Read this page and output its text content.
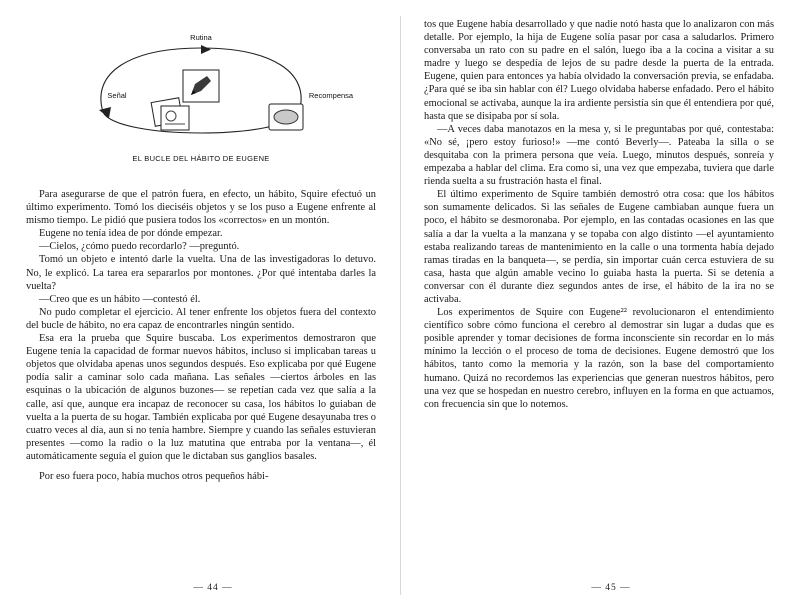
Rutina
Señal	Recompensa
EL BUCLE DEL HÁBITO DE EUGENE

Para asegurarse de que el patrón fuera, en efecto, un hábito, Squire efectuó un último experimento. Tomó los dieciséis objetos y se los puso a Eugene enfrente al mismo tiempo. Le pidió que pusiera todos los «correctos» en un montón.

Eugene no tenía idea de por dónde empezar.

—Cielos, ¿cómo puedo recordarlo? —preguntó.

Tomó un objeto e intentó darle la vuelta. Una de las investigadoras lo detuvo. No, le explicó. La tarea era separarlos por montones. ¿Por qué intentaba darles la vuelta?

—Creo que es un hábito —contestó él.

No pudo completar el ejercicio. Al tener enfrente los objetos fuera del contexto del bucle de hábito, no era capaz de encontrarles ningún sentido.

Esa era la prueba que Squire buscaba. Los experimentos demostraron que Eugene tenía la capacidad de formar nuevos hábitos, incluso si implicaban tareas u objetos que olvidaba apenas unos segundos después. Eso explicaba por qué Eugene podía salir a caminar solo cada mañana. Las señales —ciertos árboles en las esquinas o la ubicación de algunos buzones— se repetían cada vez que salía a la calle, así que, aunque era incapaz de reconocer su casa, los hábitos lo guiaban de vuelta a la puerta de su hogar. También explicaba por qué Eugene desayunaba tres o cuatro veces al día, aun si no tenía hambre. Siempre y cuando las señales estuvieran presentes —como la radio o la luz matutina que entraba por la ventana—, él automáticamente seguía el guion que le dictaban sus ganglios basales.

Por eso fuera poco, había muchos otros pequeños hábi-

— 44 —

tos que Eugene había desarrollado y que nadie notó hasta que lo analizaron con más detalle. Por ejemplo, la hija de Eugene solía pasar por casa a saludarlos. Primero conversaba un rato con su padre en el salón, luego iba a la cocina a visitar a su madre y luego se despedía de lejos de su padre desde la puerta de la entrada. Eugene, quien para entonces ya había olvidado la conversación previa, se enfadaba. ¿Para qué se iba sin hablar con él? Luego olvidaba haberse enfadado. Pero el hábito emocional se activaba, aunque la ira ardiente persistía sin que él entendiera por qué, hasta que se disipaba por sí sola.

—A veces daba manotazos en la mesa y, si le preguntabas por qué, contestaba: «No sé, ¡pero estoy furioso!» —me contó Beverly—. Pateaba la silla o se desquitaba con la primera persona que veía. Luego, minutos después, sonreía y empezaba a hablar del clima. Era como si, una vez que empezaba, tuviera que darle rienda suelta a su frustración hasta el final.

El último experimento de Squire también demostró otra cosa: que los hábitos son sumamente delicados. Si las señales de Eugene cambiaban aunque fuera un poco, el hábito se desmoronaba. Por ejemplo, en las contadas ocasiones en las que salía a dar la vuelta a la manzana y se topaba con algo distinto —el ayuntamiento estaba realizando tareas de mantenimiento en la calle o una tormenta había dejado ramas tiradas en la banqueta—, se perdía, sin importar cuán cerca estuviera de su casa, hasta que algún amable vecino lo guiaba hasta la puerta. Si se detenía a conversar con él durante diez segundos antes de irse, el hábito de la ira no se activaba.

Los experimentos de Squire con Eugene²² revolucionaron el entendimiento científico sobre cómo funciona el cerebro al demostrar sin lugar a dudas que es posible aprender y tomar decisiones de forma inconsciente sin recordar en lo más mínimo la lección o el proceso de toma de decisiones. Eugene demostró que los hábitos, tanto como la memoria y la razón, son la base del comportamiento humano. Quizá no recordemos las experiencias que generan nuestros hábitos, pero una vez que se hospedan en nuestro cerebro, influyen en la forma en que actuamos, con frecuencia sin que lo notemos.

— 45 —
